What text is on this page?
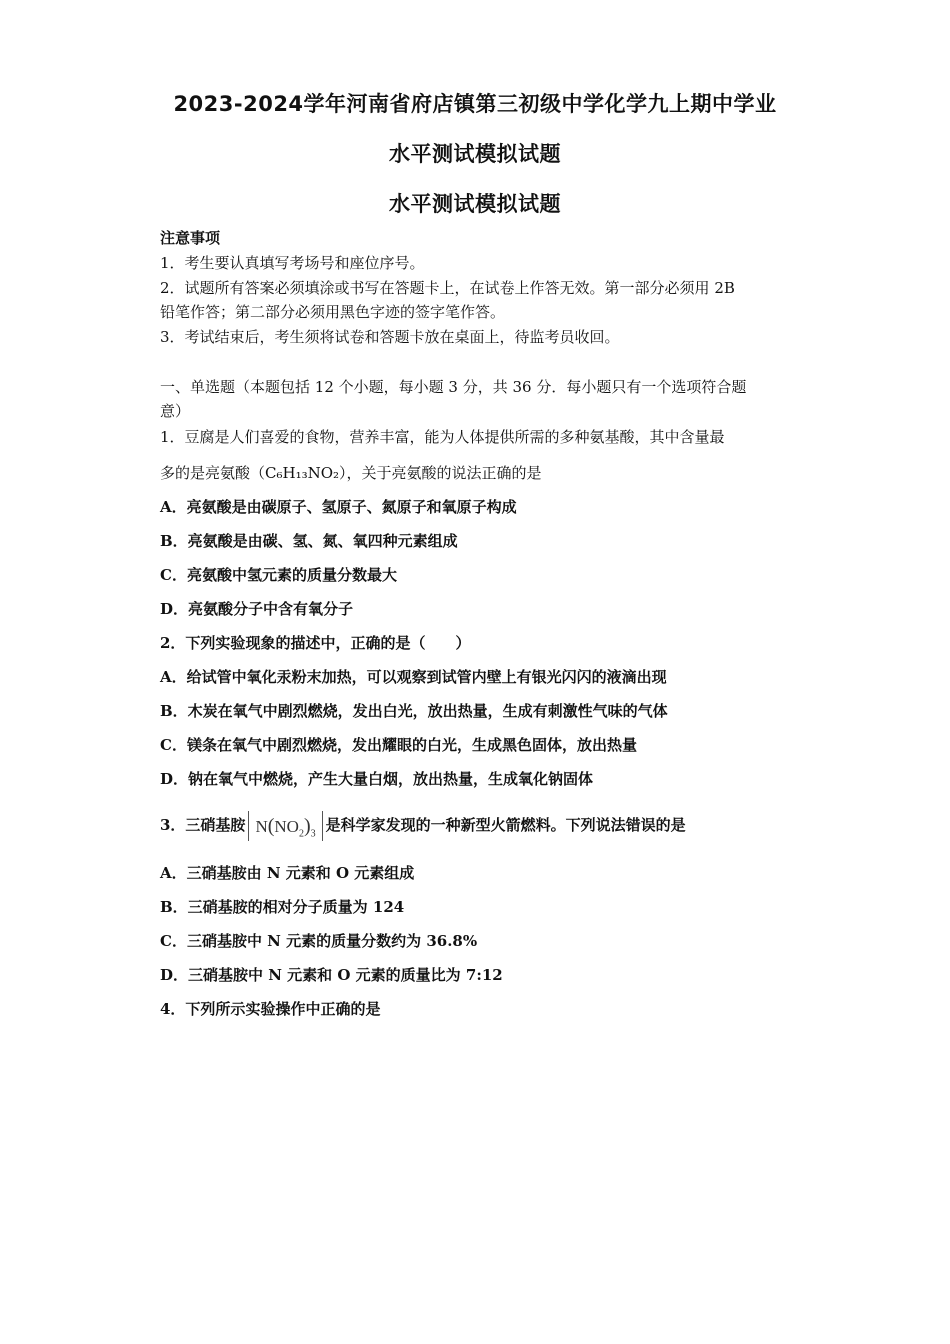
2023-2024学年河南省府店镇第三初级中学化学九上期中学业
水平测试模拟试题
水平测试模拟试题
注意事项
1．考生要认真填写考场号和座位序号。
2．试题所有答案必须填涂或书写在答题卡上，在试卷上作答无效。第一部分必须用 2B
铅笔作答；第二部分必须用黑色字迹的签字笔作答。
3．考试结束后，考生须将试卷和答题卡放在桌面上，待监考员收回。
一、单选题（本题包括 12 个小题，每小题 3 分，共 36 分．每小题只有一个选项符合题
意）
1．豆腐是人们喜爱的食物，营养丰富，能为人体提供所需的多种氨基酸，其中含量最
多的是亮氨酸（C₆H₁₃NO₂），关于亮氨酸的说法正确的是
A．亮氨酸是由碳原子、氢原子、氮原子和氧原子构成
B．亮氨酸是由碳、氢、氮、氧四种元素组成
C．亮氨酸中氢元素的质量分数最大
D．亮氨酸分子中含有氧分子
2．下列实验现象的描述中，正确的是（　　）
A．给试管中氧化汞粉末加热，可以观察到试管内壁上有银光闪闪的液滴出现
B．木炭在氧气中剧烈燃烧，发出白光，放出热量，生成有刺激性气味的气体
C．镁条在氧气中剧烈燃烧，发出耀眼的白光，生成黑色固体，放出热量
D．钠在氧气中燃烧，产生大量白烟，放出热量，生成氧化钠固体
3．三硝基胺 $N(NO_2)_3$ 是科学家发现的一种新型火箭燃料。下列说法错误的是
A．三硝基胺由 N 元素和 O 元素组成
B．三硝基胺的相对分子质量为 124
C．三硝基胺中 N 元素的质量分数约为 36.8%
D．三硝基胺中 N 元素和 O 元素的质量比为 7:12
4．下列所示实验操作中正确的是
